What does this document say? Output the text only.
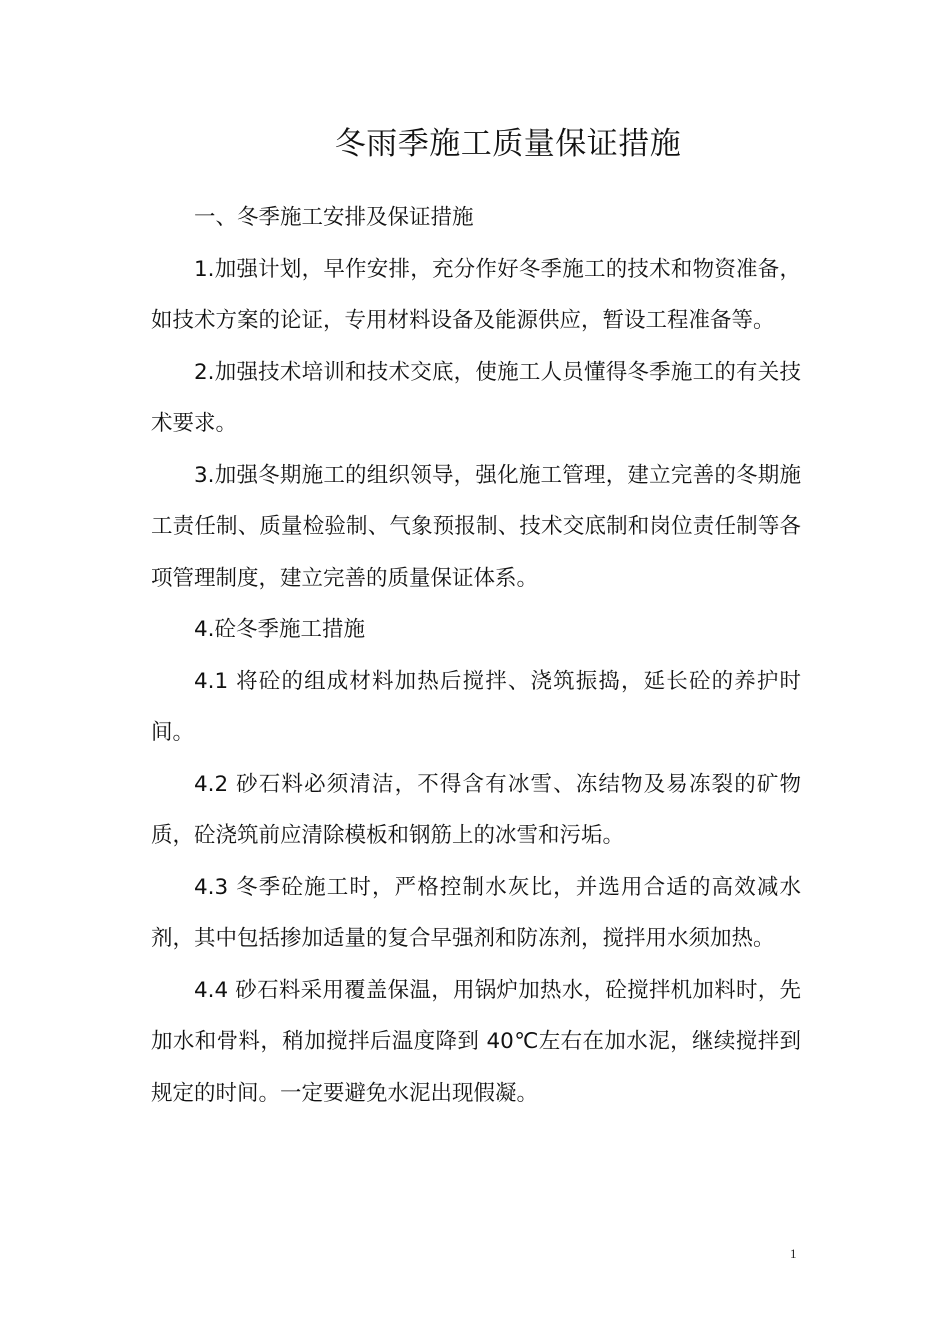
冬雨季施工质量保证措施

一、冬季施工安排及保证措施

1.加强计划，早作安排，充分作好冬季施工的技术和物资准备，如技术方案的论证，专用材料设备及能源供应，暂设工程准备等。

2.加强技术培训和技术交底，使施工人员懂得冬季施工的有关技术要求。

3.加强冬期施工的组织领导，强化施工管理，建立完善的冬期施工责任制、质量检验制、气象预报制、技术交底制和岗位责任制等各项管理制度，建立完善的质量保证体系。

4.砼冬季施工措施

4.1 将砼的组成材料加热后搅拌、浇筑振捣，延长砼的养护时间。

4.2 砂石料必须清洁，不得含有冰雪、冻结物及易冻裂的矿物质，砼浇筑前应清除模板和钢筋上的冰雪和污垢。

4.3 冬季砼施工时，严格控制水灰比，并选用合适的高效减水剂，其中包括掺加适量的复合早强剂和防冻剂，搅拌用水须加热。

4.4 砂石料采用覆盖保温，用锅炉加热水，砼搅拌机加料时，先加水和骨料，稍加搅拌后温度降到 40℃左右在加水泥，继续搅拌到规定的时间。一定要避免水泥出现假凝。

1
